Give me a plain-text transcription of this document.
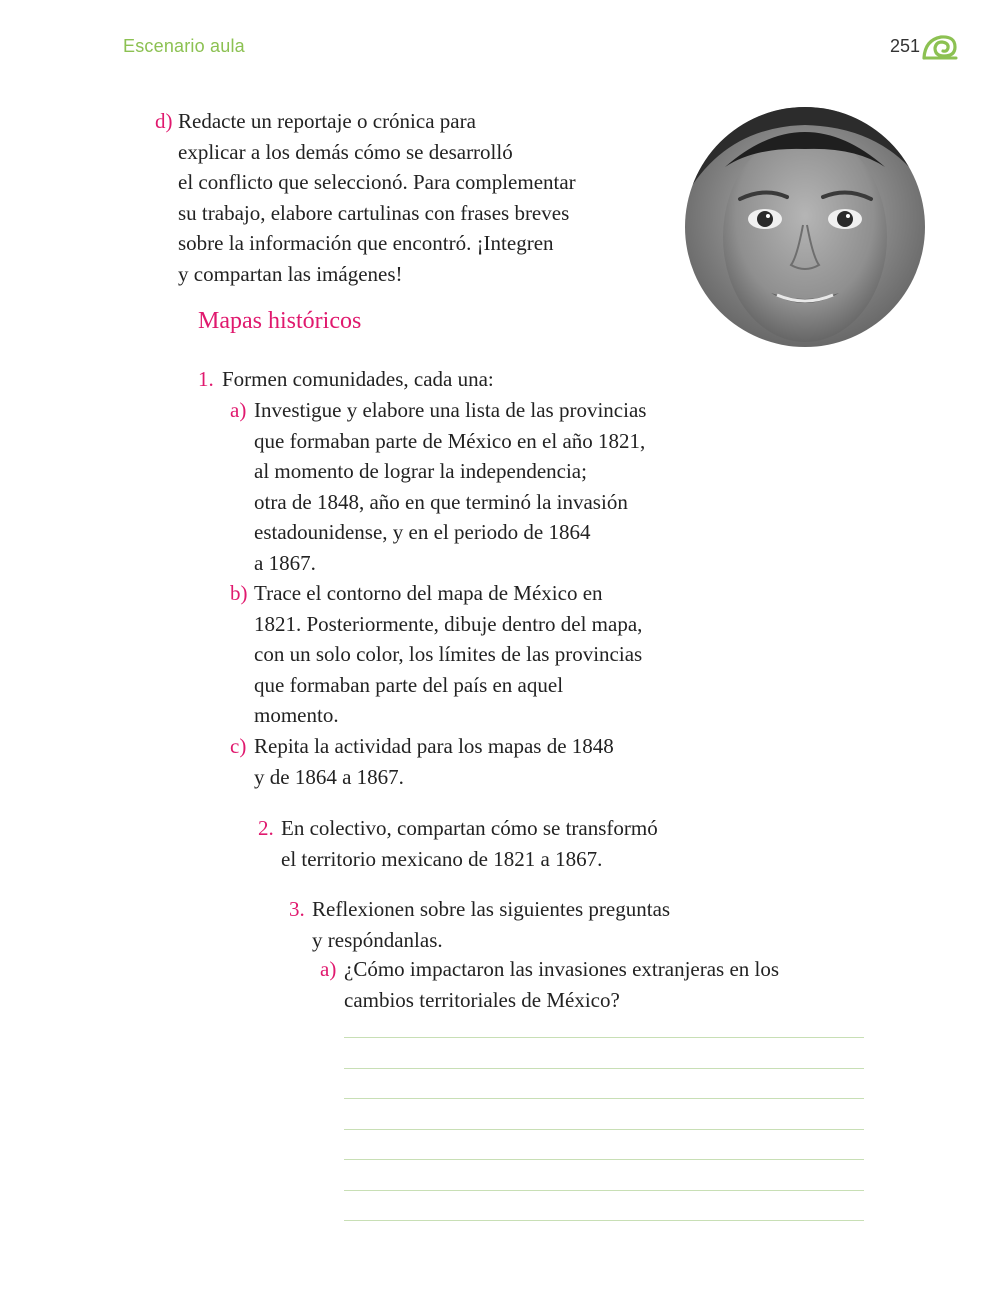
Escenario aula	251

d) Redacte un reportaje o crónica para

explicar a los demás cómo se desarrolló

el conflicto que seleccionó. Para complementar

su trabajo, elabore cartulinas con frases breves

sobre la información que encontró. ¡Integren

y compartan las imágenes!

Mapas históricos

1. Formen comunidades, cada una:

a) Investigue y elabore una lista de las provincias

que formaban parte de México en el año 1821,

al momento de lograr la independencia;

otra de 1848, año en que terminó la invasión

estadounidense, y en el periodo de 1864

a 1867.

b) Trace el contorno del mapa de México en

1821. Posteriormente, dibuje dentro del mapa,

con un solo color, los límites de las provincias

que formaban parte del país en aquel

momento.

c) Repita la actividad para los mapas de 1848

y de 1864 a 1867.

2. En colectivo, compartan cómo se transformó

el territorio mexicano de 1821 a 1867.

3. Reflexionen sobre las siguientes preguntas

y respóndanlas.

a) ¿Cómo impactaron las invasiones extranjeras en los

cambios territoriales de México?
